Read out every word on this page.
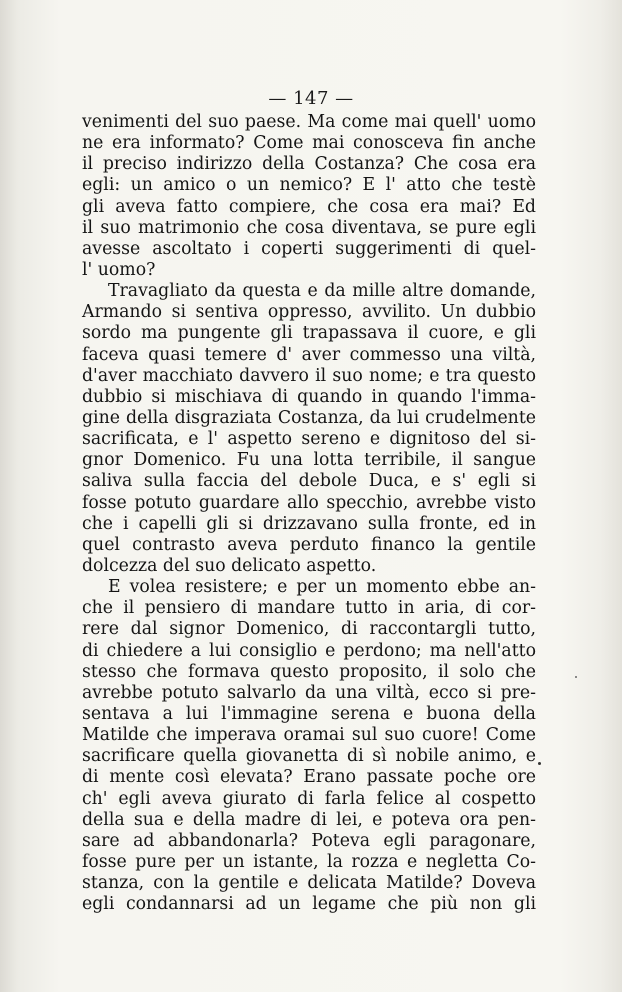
— 147 —
venimenti del suo paese. Ma come mai quell' uomo
ne era informato? Come mai conosceva fin anche
il preciso indirizzo della Costanza? Che cosa era
egli: un amico o un nemico? E l' atto che testè
gli aveva fatto compiere, che cosa era mai? Ed
il suo matrimonio che cosa diventava, se pure egli
avesse ascoltato i coperti suggerimenti di quel-
l' uomo?
Travagliato da questa e da mille altre domande,
Armando si sentiva oppresso, avvilito. Un dubbio
sordo ma pungente gli trapassava il cuore, e gli
faceva quasi temere d' aver commesso una viltà,
d'aver macchiato davvero il suo nome; e tra questo
dubbio si mischiava di quando in quando l'imma-
gine della disgraziata Costanza, da lui crudelmente
sacrificata, e l' aspetto sereno e dignitoso del si-
gnor Domenico. Fu una lotta terribile, il sangue
saliva sulla faccia del debole Duca, e s' egli si
fosse potuto guardare allo specchio, avrebbe visto
che i capelli gli si drizzavano sulla fronte, ed in
quel contrasto aveva perduto financo la gentile
dolcezza del suo delicato aspetto.
E volea resistere; e per un momento ebbe an-
che il pensiero di mandare tutto in aria, di cor-
rere dal signor Domenico, di raccontargli tutto,
di chiedere a lui consiglio e perdono; ma nell'atto
stesso che formava questo proposito, il solo che
avrebbe potuto salvarlo da una viltà, ecco si pre-
sentava a lui l'immagine serena e buona della
Matilde che imperava oramai sul suo cuore! Come
sacrificare quella giovanetta di sì nobile animo, e
di mente così elevata? Erano passate poche ore
ch' egli aveva giurato di farla felice al cospetto
della sua e della madre di lei, e poteva ora pen-
sare ad abbandonarla? Poteva egli paragonare,
fosse pure per un istante, la rozza e negletta Co-
stanza, con la gentile e delicata Matilde? Doveva
egli condannarsi ad un legame che più non gli
